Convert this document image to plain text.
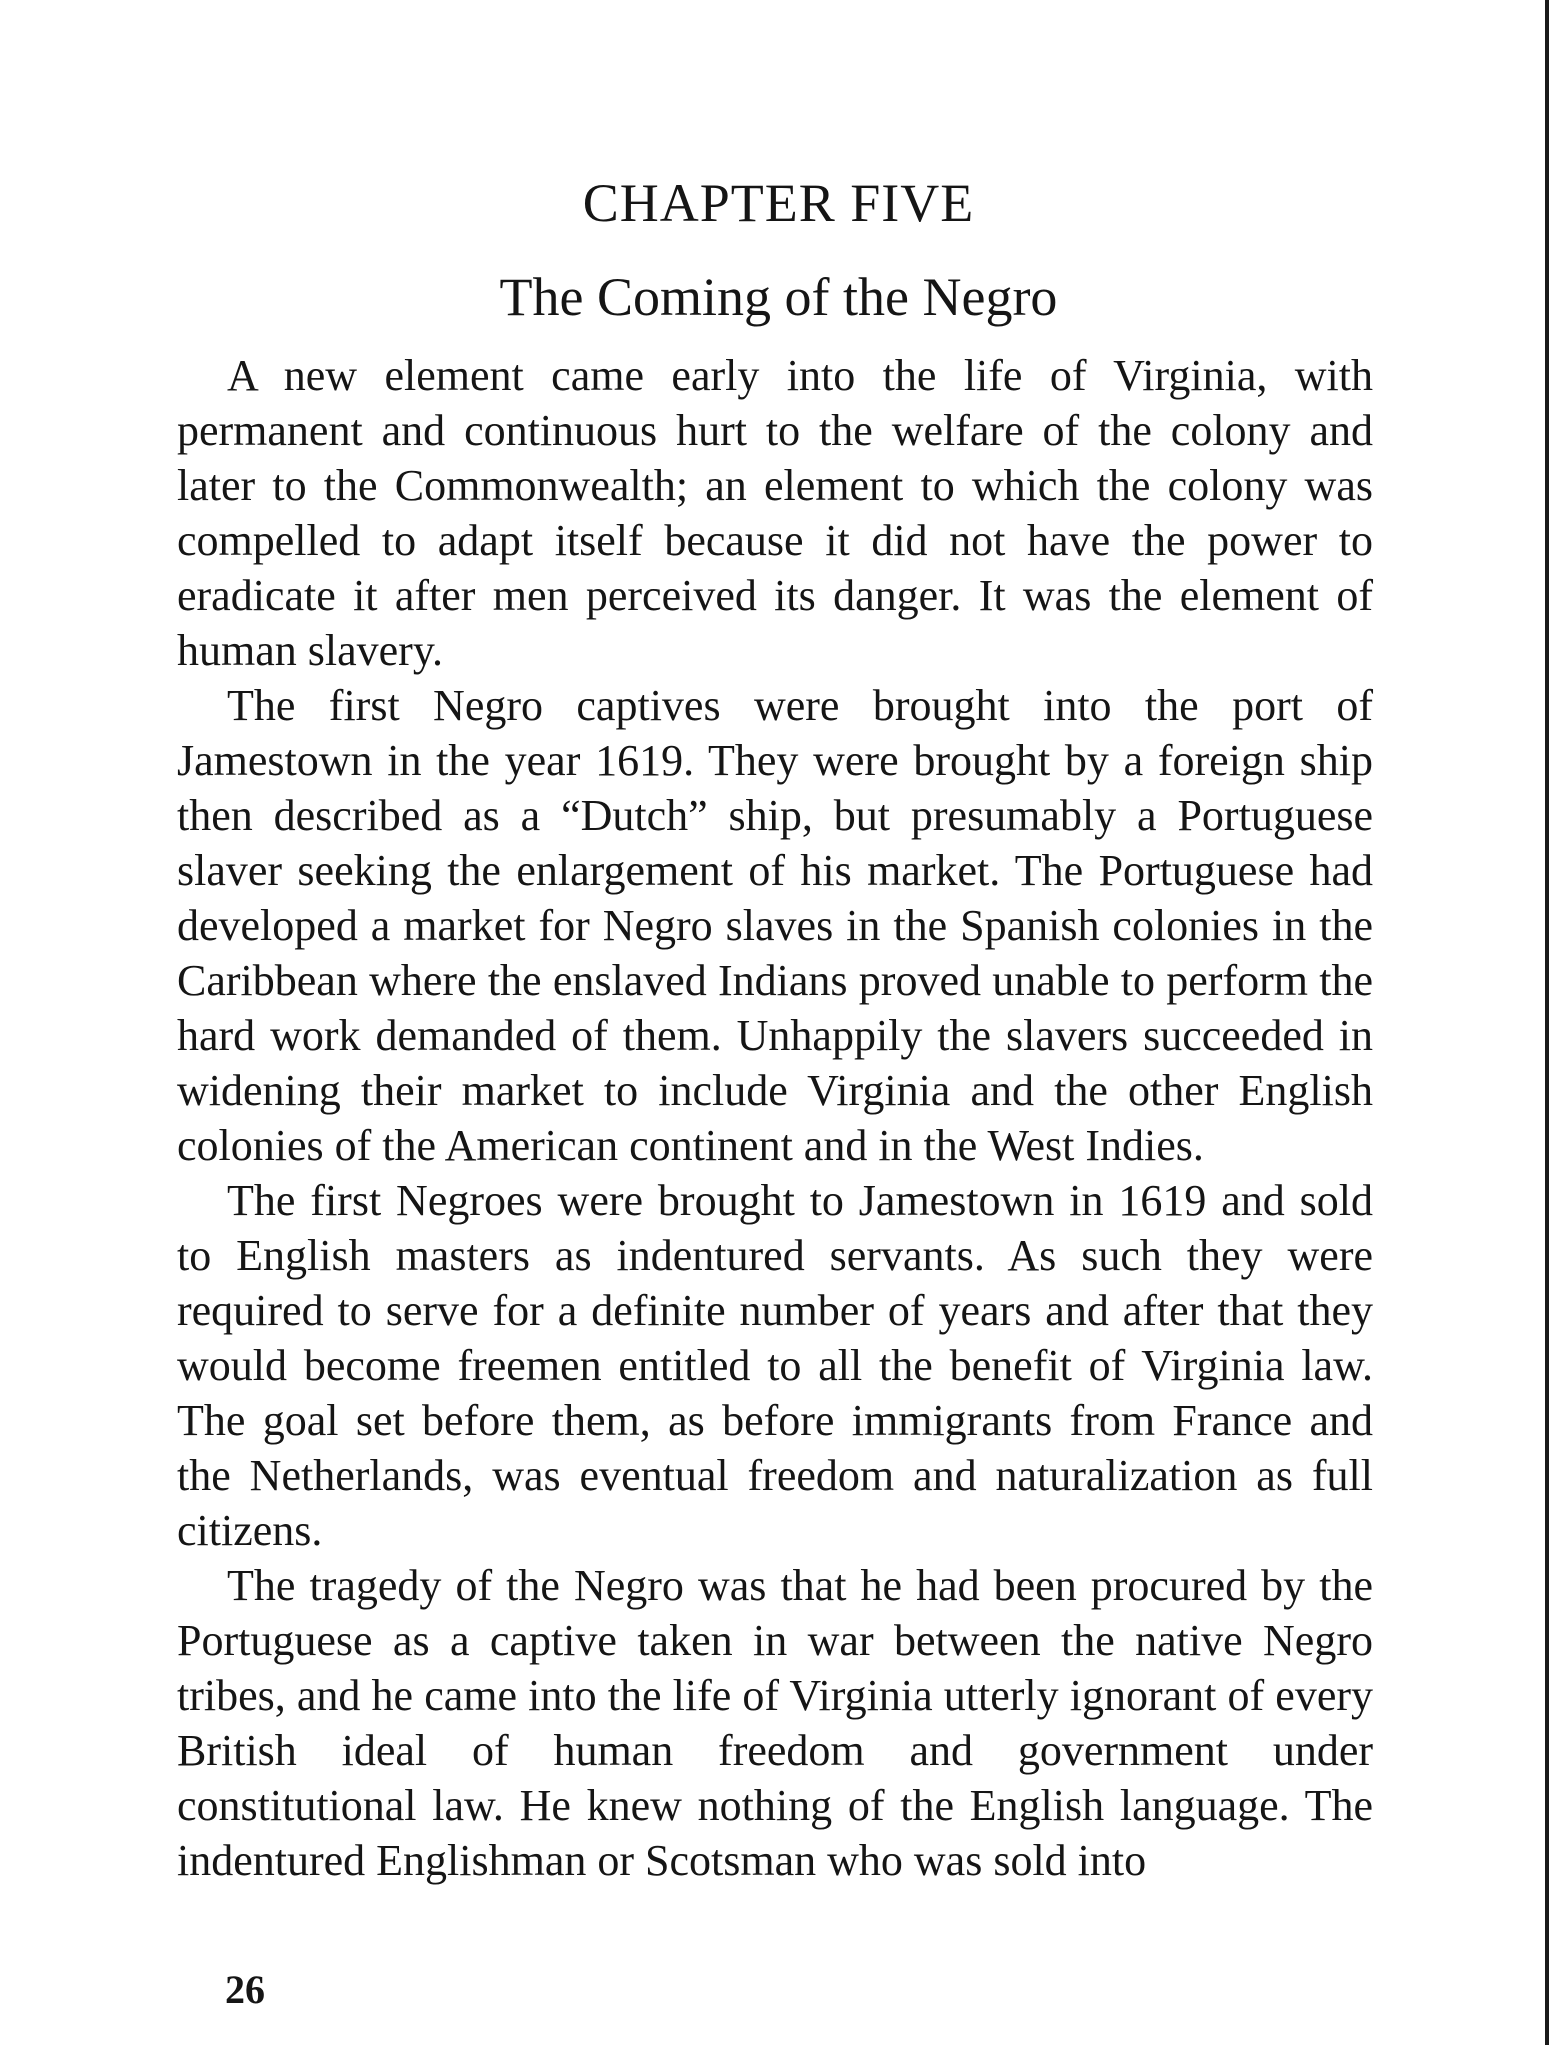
CHAPTER FIVE
The Coming of the Negro

A new element came early into the life of Virginia, with permanent and continuous hurt to the welfare of the colony and later to the Commonwealth; an element to which the colony was compelled to adapt itself because it did not have the power to eradicate it after men perceived its danger. It was the element of human slavery.

The first Negro captives were brought into the port of Jamestown in the year 1619. They were brought by a foreign ship then described as a “Dutch” ship, but presumably a Portuguese slaver seeking the enlargement of his market. The Portuguese had developed a market for Negro slaves in the Spanish colonies in the Caribbean where the enslaved Indians proved unable to perform the hard work demanded of them. Unhappily the slavers succeeded in widening their market to include Virginia and the other English colonies of the American continent and in the West Indies.

The first Negroes were brought to Jamestown in 1619 and sold to English masters as indentured servants. As such they were required to serve for a definite number of years and after that they would become freemen entitled to all the benefit of Virginia law. The goal set before them, as before immigrants from France and the Netherlands, was eventual freedom and naturalization as full citizens.

The tragedy of the Negro was that he had been procured by the Portuguese as a captive taken in war between the native Negro tribes, and he came into the life of Virginia utterly ignorant of every British ideal of human freedom and government under constitutional law. He knew nothing of the English language. The indentured Englishman or Scotsman who was sold into

26
